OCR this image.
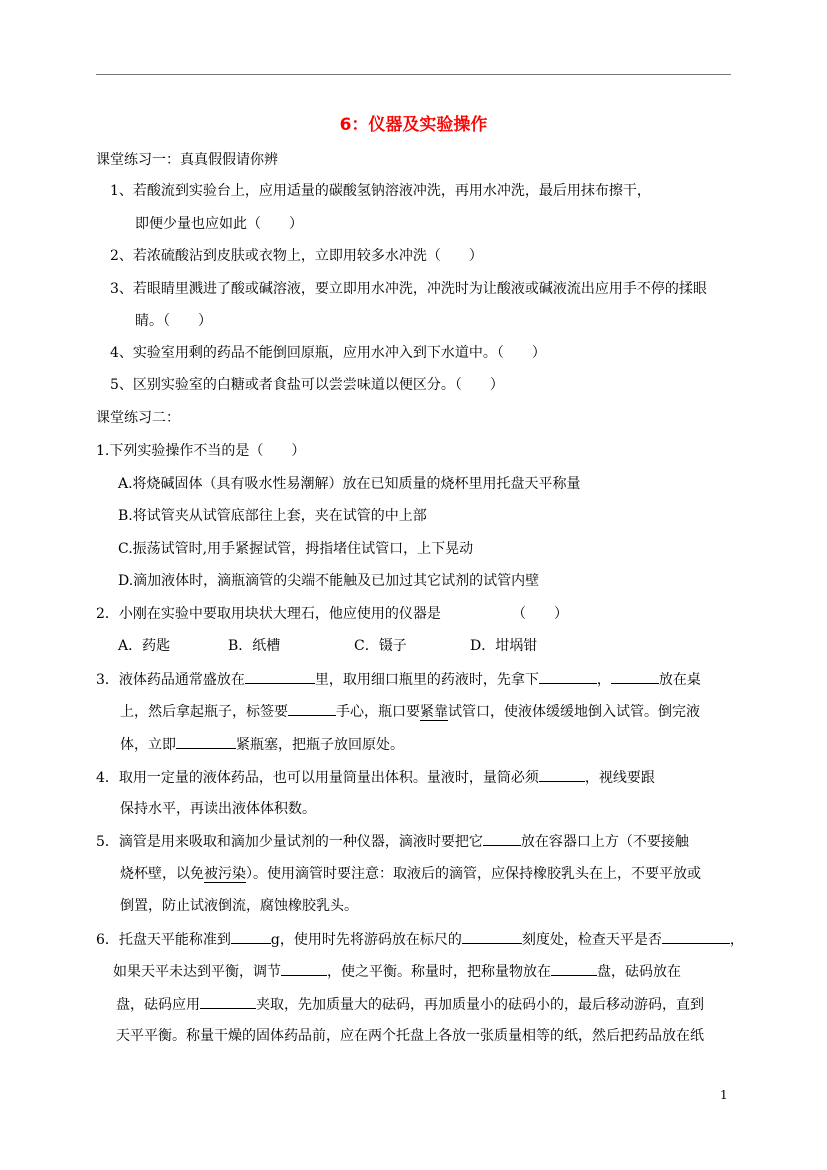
6：仪器及实验操作
课堂练习一：真真假假请你辨
1、若酸流到实验台上，应用适量的碳酸氢钠溶液冲洗，再用水冲洗，最后用抹布擦干，
即便少量也应如此（　　）
2、若浓硫酸沾到皮肤或衣物上，立即用较多水冲洗（　　）
3、若眼睛里溅进了酸或碱溶液，要立即用水冲洗，冲洗时为让酸液或碱液流出应用手不停的揉眼
睛。（　　）
4、实验室用剩的药品不能倒回原瓶，应用水冲入到下水道中。（　　）
5、区别实验室的白糖或者食盐可以尝尝味道以便区分。（　　）
课堂练习二：
1.下列实验操作不当的是（　　）
A.将烧碱固体（具有吸水性易潮解）放在已知质量的烧杯里用托盘天平称量
B.将试管夹从试管底部往上套，夹在试管的中上部
C.振荡试管时,用手紧握试管，拇指堵住试管口，上下晃动
D.滴加液体时，滴瓶滴管的尖端不能触及已加过其它试剂的试管内壁
2．小刚在实验中要取用块状大理石，他应使用的仪器是	（　　）
A．药匙	B．纸槽	C．镊子	D．坩埚钳
3．液体药品通常盛放在	里，取用细口瓶里的药液时，先拿下	，	放在桌
上，然后拿起瓶子，标签要	手心，瓶口要紧靠试管口，使液体缓缓地倒入试管。倒完液
体，立即	紧瓶塞，把瓶子放回原处。
4．取用一定量的液体药品，也可以用量筒量出体积。量液时，量筒必须	，视线要跟
保持水平，再读出液体体积数。
5．滴管是用来吸取和滴加少量试剂的一种仪器，滴液时要把它	放在容器口上方（不要接触
烧杯壁，以免被污染）。使用滴管时要注意：取液后的滴管，应保持橡胶乳头在上，不要平放或
倒置，防止试液倒流，腐蚀橡胶乳头。
6．托盘天平能称准到	g，使用时先将游码放在标尺的	刻度处，检查天平是否	，
如果天平未达到平衡，调节	，使之平衡。称量时，把称量物放在	盘，砝码放在
盘，砝码应用	夹取，先加质量大的砝码，再加质量小的砝码小的，最后移动游码，直到
天平平衡。称量干燥的固体药品前，应在两个托盘上各放一张质量相等的纸，然后把药品放在纸
1
